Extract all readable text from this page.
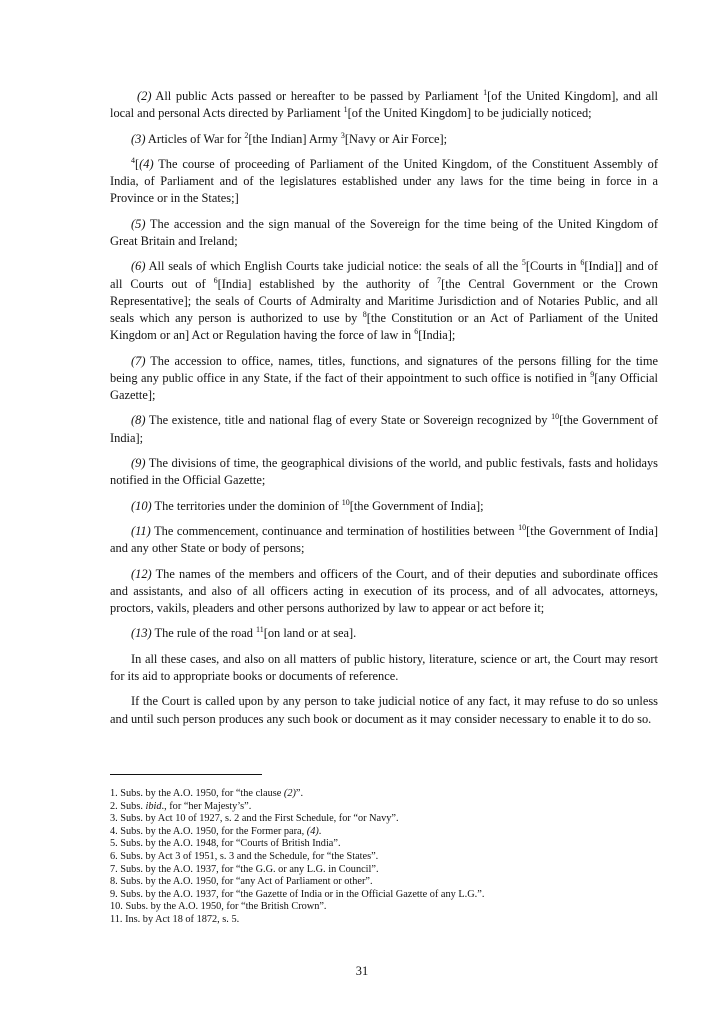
(2) All public Acts passed or hereafter to be passed by Parliament $^1$[of the United Kingdom], and all local and personal Acts directed by Parliament $^1$[of the United Kingdom] to be judicially noticed;

(3) Articles of War for $^2$[the Indian] Army $^3$[Navy or Air Force];

$^4$[(4) The course of proceeding of Parliament of the United Kingdom, of the Constituent Assembly of India, of Parliament and of the legislatures established under any laws for the time being in force in a Province or in the States;]

(5) The accession and the sign manual of the Sovereign for the time being of the United Kingdom of Great Britain and Ireland;

(6) All seals of which English Courts take judicial notice: the seals of all the $^5$[Courts in $^6$[India]] and of all Courts out of $^6$[India] established by the authority of $^7$[the Central Government or the Crown Representative]; the seals of Courts of Admiralty and Maritime Jurisdiction and of Notaries Public, and all seals which any person is authorized to use by $^8$[the Constitution or an Act of Parliament of the United Kingdom or an] Act or Regulation having the force of law in $^6$[India];

(7) The accession to office, names, titles, functions, and signatures of the persons filling for the time being any public office in any State, if the fact of their appointment to such office is notified in $^9$[any Official Gazette];

(8) The existence, title and national flag of every State or Sovereign recognized by $^{10}$[the Government of India];

(9) The divisions of time, the geographical divisions of the world, and public festivals, fasts and holidays notified in the Official Gazette;

(10) The territories under the dominion of $^{10}$[the Government of India];

(11) The commencement, continuance and termination of hostilities between $^{10}$[the Government of India] and any other State or body of persons;

(12) The names of the members and officers of the Court, and of their deputies and subordinate offices and assistants, and also of all officers acting in execution of its process, and of all advocates, attorneys, proctors, vakils, pleaders and other persons authorized by law to appear or act before it;

(13) The rule of the road $^{11}$[on land or at sea].

In all these cases, and also on all matters of public history, literature, science or art, the Court may resort for its aid to appropriate books or documents of reference.

If the Court is called upon by any person to take judicial notice of any fact, it may refuse to do so unless and until such person produces any such book or document as it may consider necessary to enable it to do so.

1. Subs. by the A.O. 1950, for “the clause (2)”.
2. Subs. ibid., for “her Majesty’s”.
3. Subs. by Act 10 of 1927, s. 2 and the First Schedule, for “or Navy”.
4. Subs. by the A.O. 1950, for the Former para, (4).
5. Subs. by the A.O. 1948, for “Courts of British India”.
6. Subs. by Act 3 of 1951, s. 3 and the Schedule, for “the States”.
7. Subs. by the A.O. 1937, for “the G.G. or any L.G. in Council”.
8. Subs. by the A.O. 1950, for “any Act of Parliament or other”.
9. Subs. by the A.O. 1937, for “the Gazette of India or in the Official Gazette of any L.G.”.
10. Subs. by the A.O. 1950, for “the British Crown”.
11. Ins. by Act 18 of 1872, s. 5.
31
